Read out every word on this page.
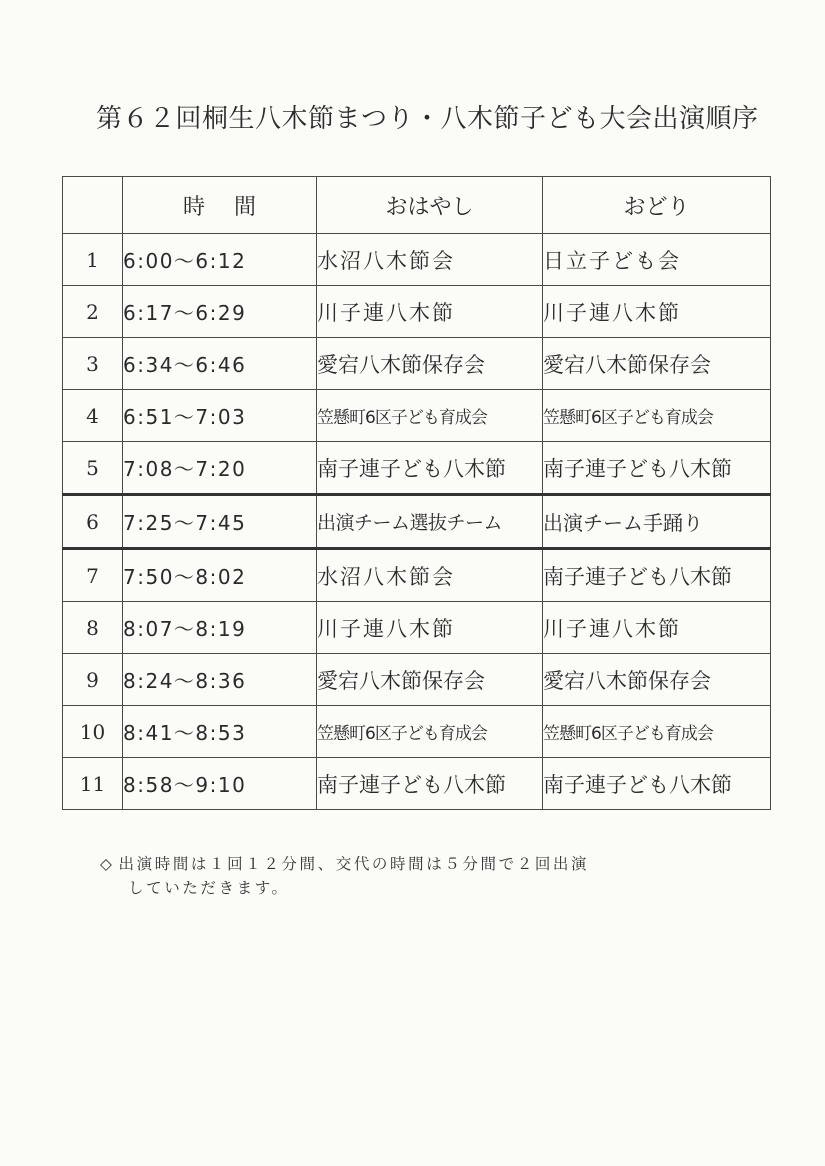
第６２回桐生八木節まつり・八木節子ども大会出演順序
	時　 間	おはやし	おどり
1	6:00〜6:12	水沼八木節会	日立子ども会
2	6:17〜6:29	川子連八木節	川子連八木節
3	6:34〜6:46	愛宕八木節保存会	愛宕八木節保存会
4	6:51〜7:03	笠懸町6区子ども育成会	笠懸町6区子ども育成会
5	7:08〜7:20	南子連子ども八木節	南子連子ども八木節
6	7:25〜7:45	出演チーム選抜チーム	出演チーム手踊り
7	7:50〜8:02	水沼八木節会	南子連子ども八木節
8	8:07〜8:19	川子連八木節	川子連八木節
9	8:24〜8:36	愛宕八木節保存会	愛宕八木節保存会
10	8:41〜8:53	笠懸町6区子ども育成会	笠懸町6区子ども育成会
11	8:58〜9:10	南子連子ども八木節	南子連子ども八木節
◇ 出演時間は１回１２分間、交代の時間は５分間で２回出演
していただきます。
